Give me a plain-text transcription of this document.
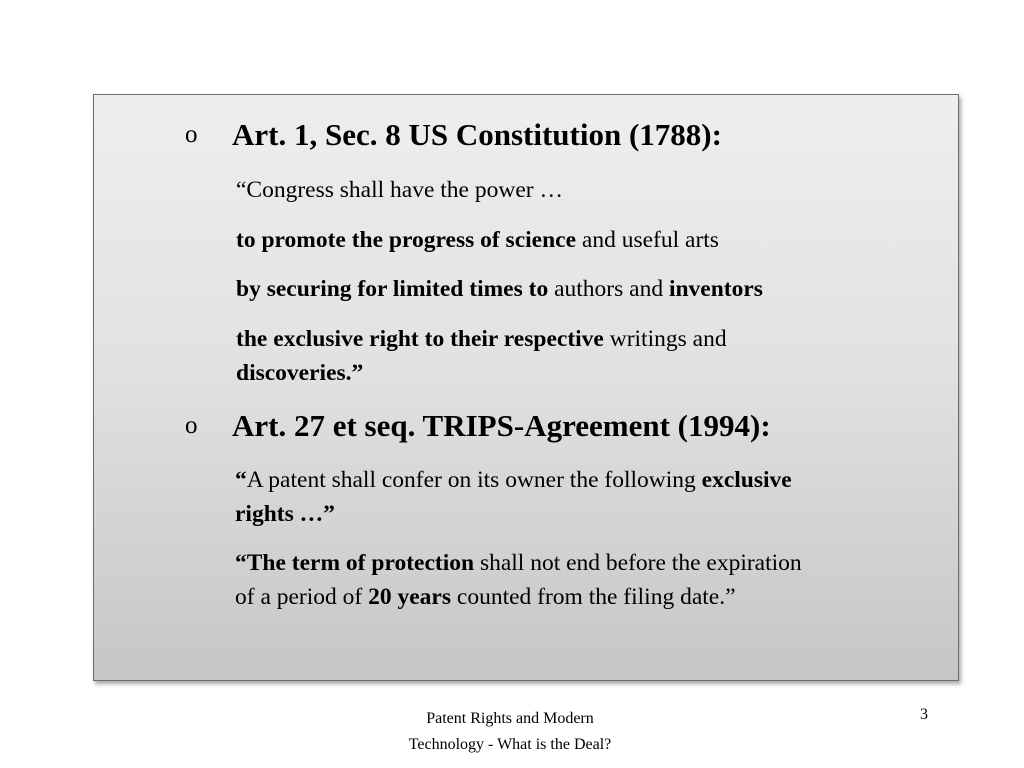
o Art. 1, Sec. 8 US Constitution (1788):
“Congress shall have the power …
to promote the progress of science and useful arts
by securing for limited times to authors and inventors
the exclusive right to their respective writings and
discoveries.”
o Art. 27 et seq. TRIPS-Agreement (1994):
“A patent shall confer on its owner the following exclusive
rights …”
“The term of protection shall not end before the expiration
of a period of 20 years counted from the filing date.”
Patent Rights and Modern
Technology - What is the Deal?
3
